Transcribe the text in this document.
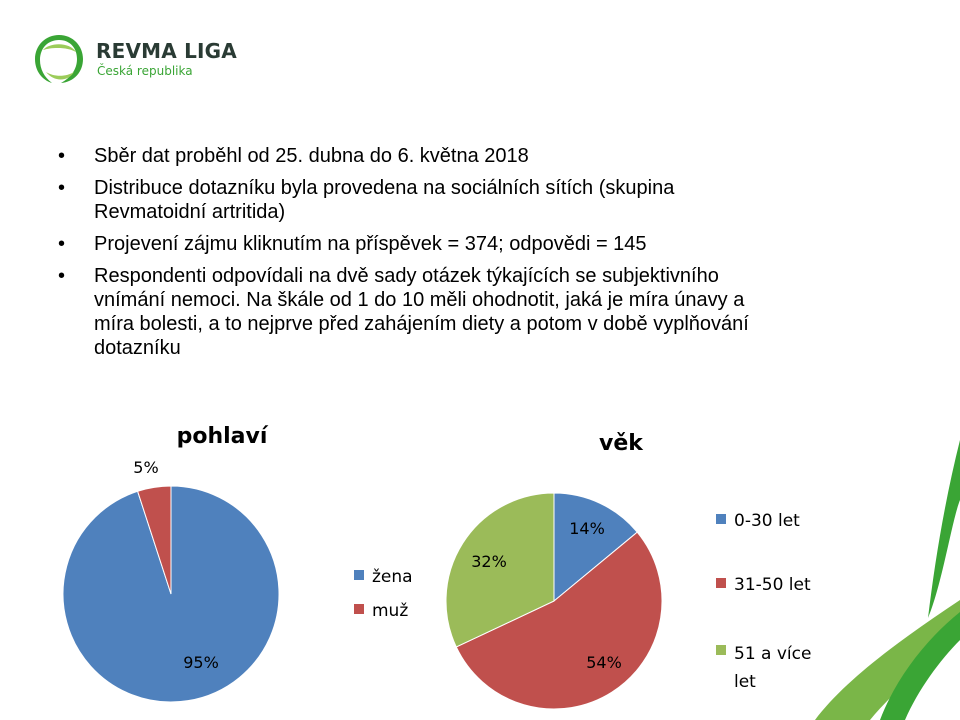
REVMA LIGA
Česká republika
• Sběr dat proběhl od 25. dubna do 6. května 2018
• Distribuce dotazníku byla provedena na sociálních sítích (skupina
Revmatoidní artritida)
• Projevení zájmu kliknutím na příspěvek = 374; odpovědi = 145
• Respondenti odpovídali na dvě sady otázek týkajících se subjektivního
vnímání nemoci. Na škále od 1 do 10 měli ohodnotit, jaká je míra únavy a
míra bolesti, a to nejprve před zahájením diety a potom v době vyplňování
dotazníku
pohlaví
95%
5%
žena
muž
věk
14%
54%
32%
0-30 let
31-50 let
51 a více
let
